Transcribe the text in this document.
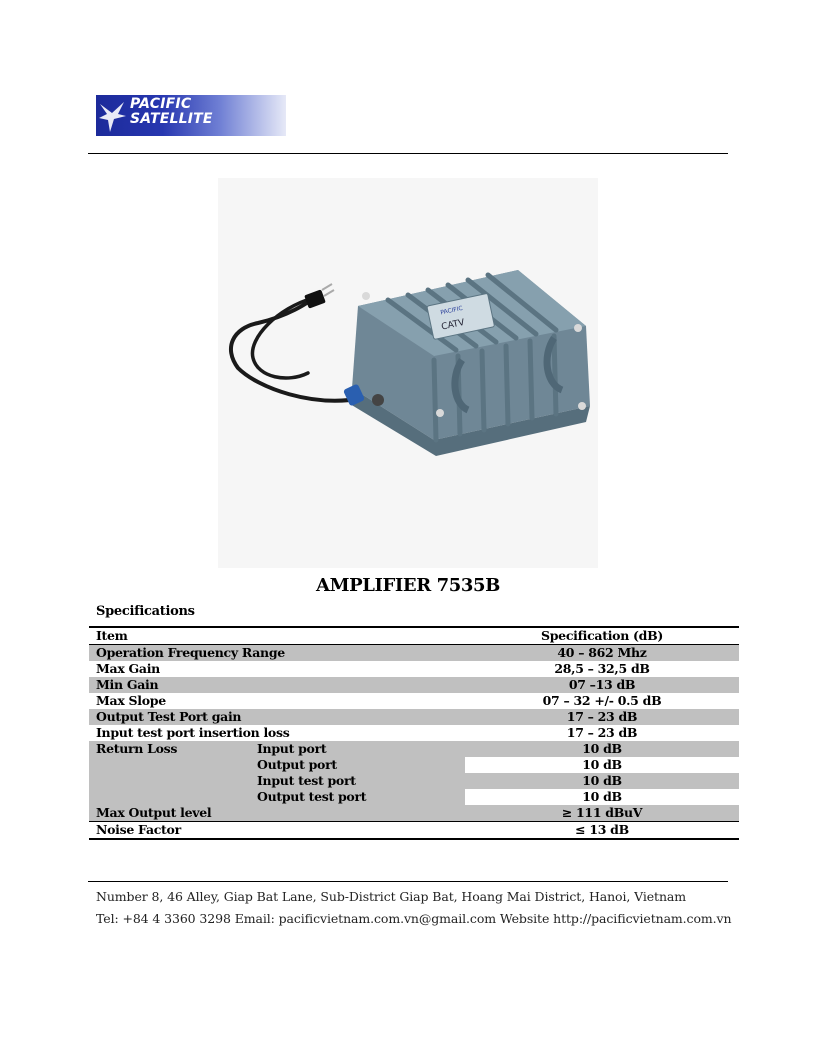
PACIFIC
SATELLITE
PACIFIC
CATV
AMPLIFIER 7535B
Specifications
Item		Specification (dB)
Operation Frequency Range		40 – 862 Mhz
Max Gain		28,5 – 32,5 dB
Min Gain		07 –13 dB
Max Slope		07 – 32 +/- 0.5 dB
Output Test Port gain		17 – 23 dB
Input test port insertion loss		17 – 23 dB
Return Loss	Input port	10 dB
	Output port	10 dB
	Input test port	10 dB
	Output test port	10 dB
Max Output level		≥ 111 dBuV
Noise Factor		≤ 13 dB
Number 8, 46 Alley, Giap Bat Lane, Sub-District Giap Bat, Hoang Mai District, Hanoi, Vietnam
Tel: +84 4 3360 3298 Email: pacificvietnam.com.vn@gmail.com Website http://pacificvietnam.com.vn
